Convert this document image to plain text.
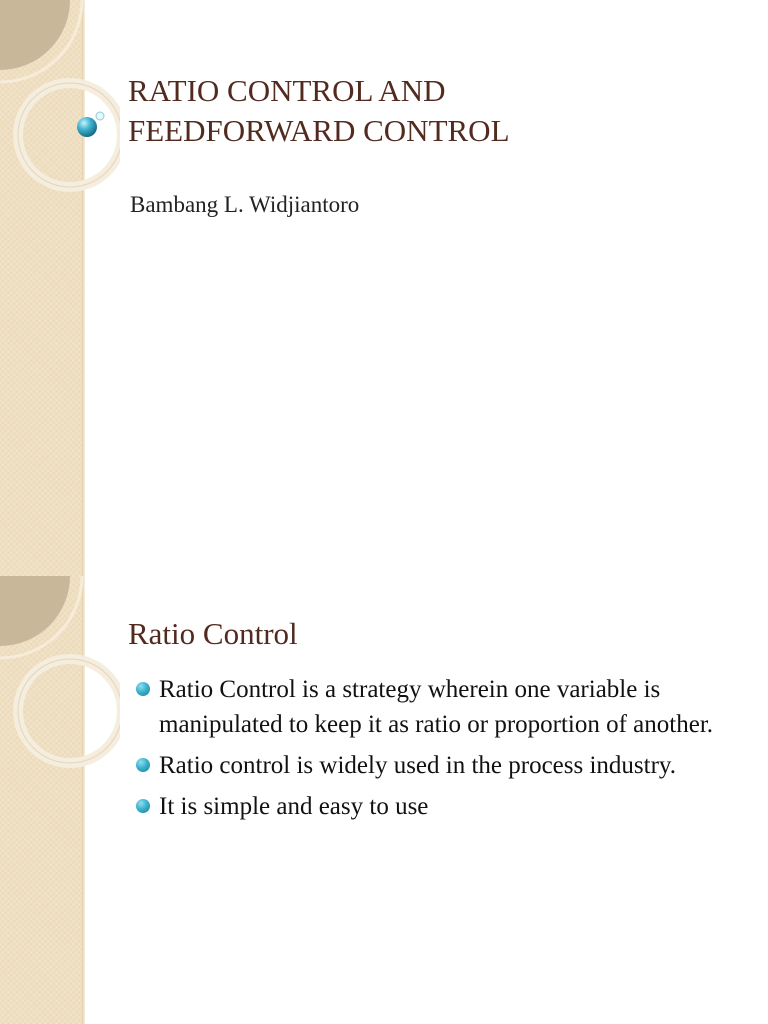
RATIO CONTROL AND
FEEDFORWARD CONTROL

Bambang L. Widjiantoro

Ratio Control
Ratio Control is a strategy wherein one variable is manipulated to keep it as ratio or proportion of another.
Ratio control is widely used in the process industry.
It is simple and easy to use
